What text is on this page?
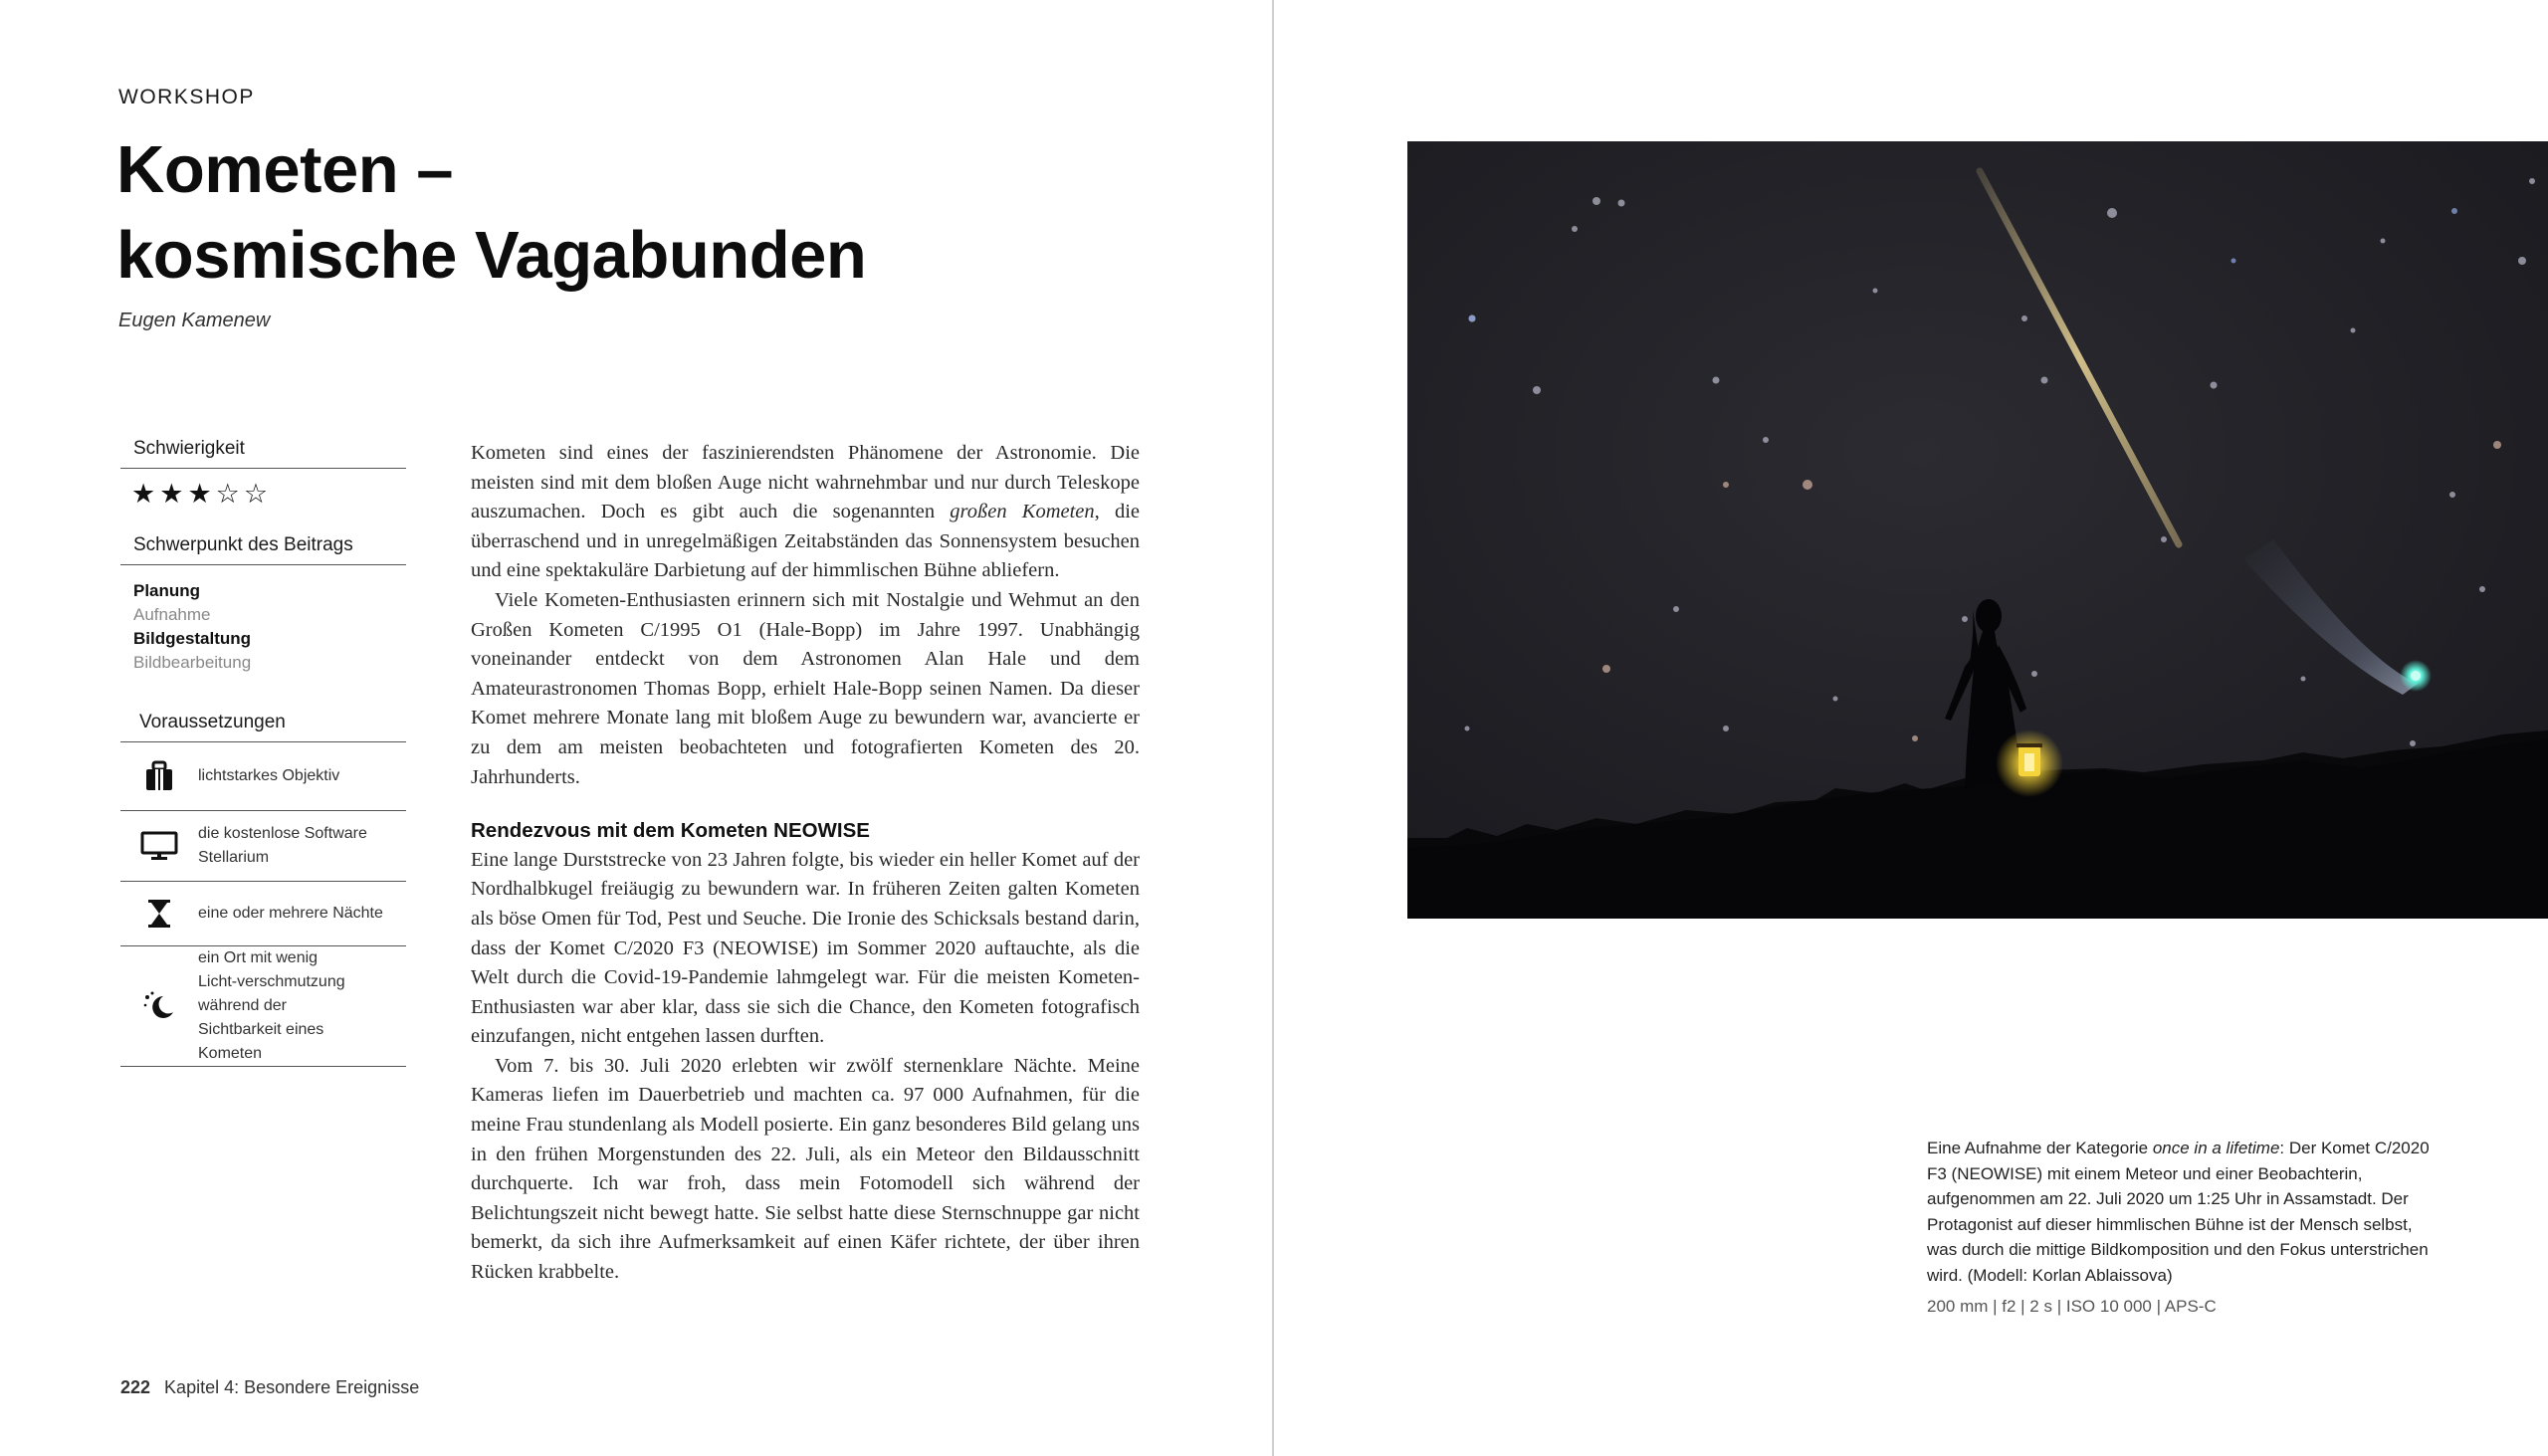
WORKSHOP
Kometen –
kosmische Vagabunden
Eugen Kamenew
Schwierigkeit
★ ★ ★ ☆ ☆
Schwerpunkt des Beitrags
Planung
Aufnahme
Bildgestaltung
Bildbearbeitung
Voraussetzungen
lichtstarkes Objektiv
die kostenlose Software Stellarium
eine oder mehrere Nächte
ein Ort mit wenig Licht-verschmutzung während der Sichtbarkeit eines Kometen

Kometen sind eines der faszinierendsten Phänomene der Astronomie. Die meisten sind mit dem bloßen Auge nicht wahrnehmbar und nur durch Teleskope auszumachen. Doch es gibt auch die sogenannten großen Kometen, die überraschend und in unregelmäßigen Zeitabständen das Sonnensystem besuchen und eine spektakuläre Darbietung auf der himmlischen Bühne abliefern.

Viele Kometen-Enthusiasten erinnern sich mit Nostalgie und Wehmut an den Großen Kometen C/1995 O1 (Hale-Bopp) im Jahre 1997. Unabhängig voneinander entdeckt von dem Astronomen Alan Hale und dem Amateurastronomen Thomas Bopp, erhielt Hale-Bopp seinen Namen. Da dieser Komet mehrere Monate lang mit bloßem Auge zu bewundern war, avancierte er zu dem am meisten beobachteten und fotografierten Kometen des 20. Jahrhunderts.

Rendezvous mit dem Kometen NEOWISE

Eine lange Durststrecke von 23 Jahren folgte, bis wieder ein heller Komet auf der Nordhalbkugel freiäugig zu bewundern war. In früheren Zeiten galten Kometen als böse Omen für Tod, Pest und Seuche. Die Ironie des Schicksals bestand darin, dass der Komet C/2020 F3 (NEOWISE) im Sommer 2020 auftauchte, als die Welt durch die Covid-19-Pandemie lahmgelegt war. Für die meisten Kometen-Enthusiasten war aber klar, dass sie sich die Chance, den Kometen fotografisch einzufangen, nicht entgehen lassen durften.

Vom 7. bis 30. Juli 2020 erlebten wir zwölf sternenklare Nächte. Meine Kameras liefen im Dauerbetrieb und machten ca. 97 000 Aufnahmen, für die meine Frau stundenlang als Modell posierte. Ein ganz besonderes Bild gelang uns in den frühen Morgenstunden des 22. Juli, als ein Meteor den Bildausschnitt durchquerte. Ich war froh, dass mein Fotomodell sich während der Belichtungszeit nicht bewegt hatte. Sie selbst hatte diese Sternschnuppe gar nicht bemerkt, da sich ihre Aufmerksamkeit auf einen Käfer richtete, der über ihren Rücken krabbelte.

222 Kapitel 4: Besondere Ereignisse
Eine Aufnahme der Kategorie once in a lifetime: Der Komet C/2020 F3 (NEOWISE) mit einem Meteor und einer Beobachterin, aufgenommen am 22. Juli 2020 um 1:25 Uhr in Assamstadt. Der Protagonist auf dieser himmlischen Bühne ist der Mensch selbst, was durch die mittige Bildkomposition und den Fokus unterstrichen wird. (Modell: Korlan Ablaissova)
200 mm | f2 | 2 s | ISO 10 000 | APS-C
